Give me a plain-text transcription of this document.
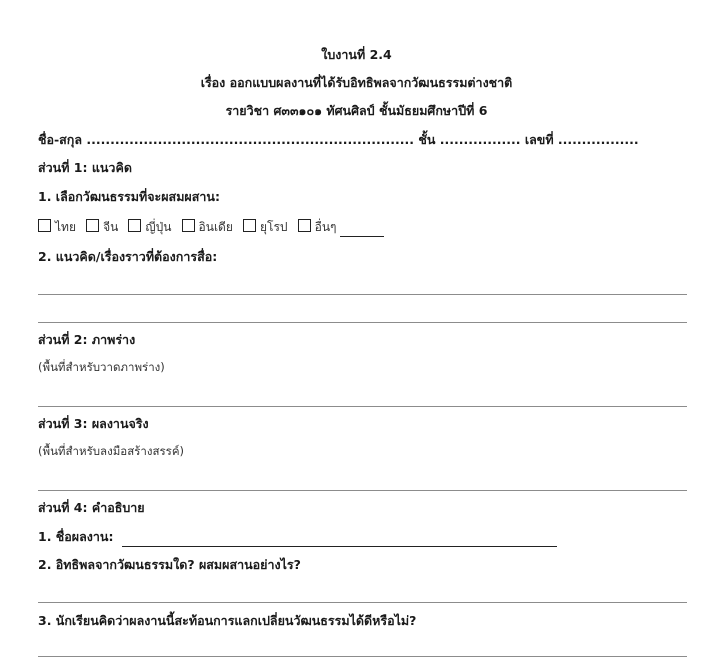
ใบงานที่ 2.4
เรื่อง ออกแบบผลงานที่ได้รับอิทธิพลจากวัฒนธรรมต่างชาติ
รายวิชา ศ๓๓๑๐๑ ทัศนศิลป์ ชั้นมัธยมศึกษาปีที่ 6
ชื่อ-สกุล ..................................................................... ชั้น ................. เลขที่ .................
ส่วนที่ 1: แนวคิด
1. เลือกวัฒนธรรมที่จะผสมผสาน:
ไทย จีน ญี่ปุ่น อินเดีย ยุโรป อื่นๆ
2. แนวคิด/เรื่องราวที่ต้องการสื่อ:
ส่วนที่ 2: ภาพร่าง
(พื้นที่สำหรับวาดภาพร่าง)
ส่วนที่ 3: ผลงานจริง
(พื้นที่สำหรับลงมือสร้างสรรค์)
ส่วนที่ 4: คำอธิบาย
1. ชื่อผลงาน:
2. อิทธิพลจากวัฒนธรรมใด? ผสมผสานอย่างไร?
3. นักเรียนคิดว่าผลงานนี้สะท้อนการแลกเปลี่ยนวัฒนธรรมได้ดีหรือไม่?
